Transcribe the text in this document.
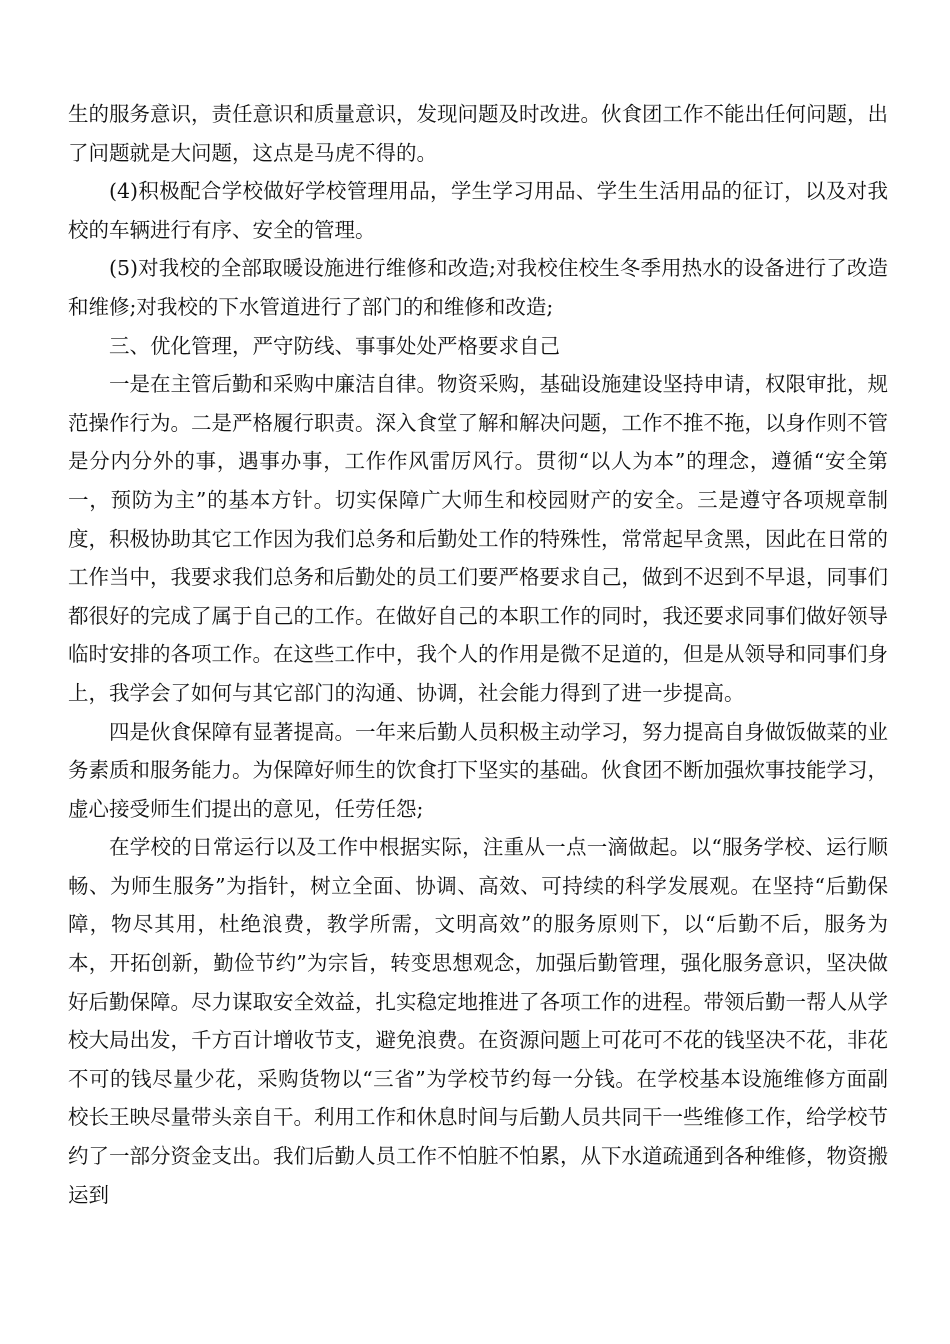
生的服务意识，责任意识和质量意识，发现问题及时改进。伙食团工作不能出任何问题，出了问题就是大问题，这点是马虎不得的。

(4)积极配合学校做好学校管理用品，学生学习用品、学生生活用品的征订，以及对我校的车辆进行有序、安全的管理。

(5)对我校的全部取暖设施进行维修和改造;对我校住校生冬季用热水的设备进行了改造和维修;对我校的下水管道进行了部门的和维修和改造;

三、优化管理，严守防线、事事处处严格要求自己

一是在主管后勤和采购中廉洁自律。物资采购，基础设施建设坚持申请，权限审批，规范操作行为。二是严格履行职责。深入食堂了解和解决问题，工作不推不拖，以身作则不管是分内分外的事，遇事办事，工作作风雷厉风行。贯彻“以人为本”的理念，遵循“安全第一，预防为主”的基本方针。切实保障广大师生和校园财产的安全。三是遵守各项规章制度，积极协助其它工作因为我们总务和后勤处工作的特殊性，常常起早贪黑，因此在日常的工作当中，我要求我们总务和后勤处的员工们要严格要求自己，做到不迟到不早退，同事们都很好的完成了属于自己的工作。在做好自己的本职工作的同时，我还要求同事们做好领导临时安排的各项工作。在这些工作中，我个人的作用是微不足道的，但是从领导和同事们身上，我学会了如何与其它部门的沟通、协调，社会能力得到了进一步提高。

四是伙食保障有显著提高。一年来后勤人员积极主动学习，努力提高自身做饭做菜的业务素质和服务能力。为保障好师生的饮食打下坚实的基础。伙食团不断加强炊事技能学习，虚心接受师生们提出的意见，任劳任怨;

在学校的日常运行以及工作中根据实际，注重从一点一滴做起。以“服务学校、运行顺畅、为师生服务”为指针，树立全面、协调、高效、可持续的科学发展观。在坚持“后勤保障，物尽其用，杜绝浪费，教学所需，文明高效”的服务原则下，以“后勤不后，服务为本，开拓创新，勤俭节约”为宗旨，转变思想观念，加强后勤管理，强化服务意识，坚决做好后勤保障。尽力谋取安全效益，扎实稳定地推进了各项工作的进程。带领后勤一帮人从学校大局出发，千方百计增收节支，避免浪费。在资源问题上可花可不花的钱坚决不花，非花不可的钱尽量少花，采购货物以“三省”为学校节约每一分钱。在学校基本设施维修方面副校长王映尽量带头亲自干。利用工作和休息时间与后勤人员共同干一些维修工作，给学校节约了一部分资金支出。我们后勤人员工作不怕脏不怕累，从下水道疏通到各种维修，物资搬运到
